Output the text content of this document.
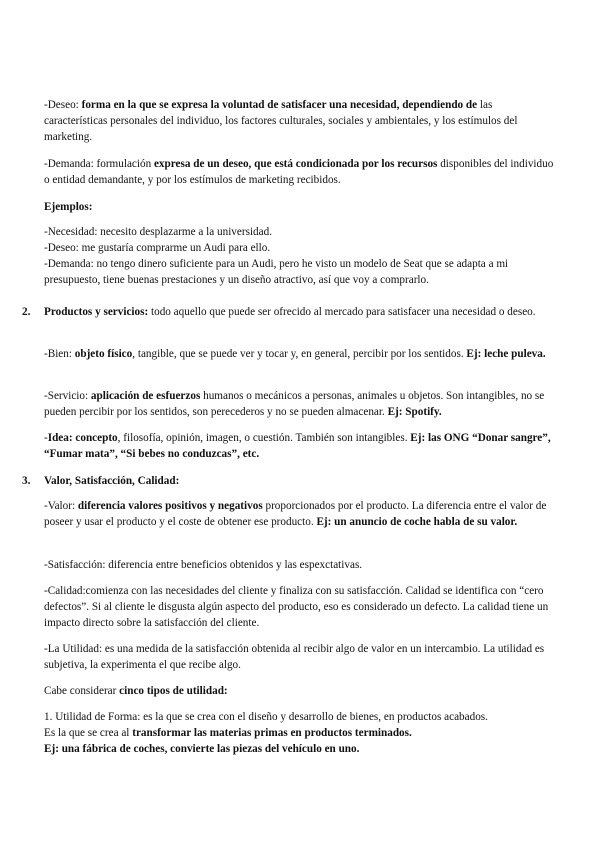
-Deseo: forma en la que se expresa la voluntad de satisfacer una necesidad, dependiendo de las características personales del individuo, los factores culturales, sociales y ambientales, y los estímulos del marketing.

-Demanda: formulación expresa de un deseo, que está condicionada por los recursos disponibles del individuo o entidad demandante, y por los estímulos de marketing recibidos.

Ejemplos:

-Necesidad: necesito desplazarme a la universidad.

-Deseo: me gustaría comprarme un Audi para ello.

-Demanda: no tengo dinero suficiente para un Audi, pero he visto un modelo de Seat que se adapta a mi presupuesto, tiene buenas prestaciones y un diseño atractivo, así que voy a comprarlo.

2. Productos y servicios: todo aquello que puede ser ofrecido al mercado para satisfacer una necesidad o deseo.

-Bien: objeto físico, tangible, que se puede ver y tocar y, en general, percibir por los sentidos. Ej: leche puleva.

-Servicio: aplicación de esfuerzos humanos o mecánicos a personas, animales u objetos. Son intangibles, no se pueden percibir por los sentidos, son perecederos y no se pueden almacenar. Ej: Spotify.

-Idea: concepto, filosofía, opinión, imagen, o cuestión. También son intangibles. Ej: las ONG “Donar sangre”, “Fumar mata”, “Si bebes no conduzcas”, etc.

3. Valor, Satisfacción, Calidad:

-Valor: diferencia valores positivos y negativos proporcionados por el producto. La diferencia entre el valor de poseer y usar el producto y el coste de obtener ese producto. Ej: un anuncio de coche habla de su valor.

-Satisfacción: diferencia entre beneficios obtenidos y las espexctativas.

-Calidad:comienza con las necesidades del cliente y finaliza con su satisfacción. Calidad se identifica con “cero defectos”. Si al cliente le disgusta algún aspecto del producto, eso es considerado un defecto. La calidad tiene un impacto directo sobre la satisfacción del cliente.

-La Utilidad: es una medida de la satisfacción obtenida al recibir algo de valor en un intercambio. La utilidad es subjetiva, la experimenta el que recibe algo.

Cabe considerar cinco tipos de utilidad:

1. Utilidad de Forma: es la que se crea con el diseño y desarrollo de bienes, en productos acabados.

Es la que se crea al transformar las materias primas en productos terminados.

Ej: una fábrica de coches, convierte las piezas del vehículo en uno.
